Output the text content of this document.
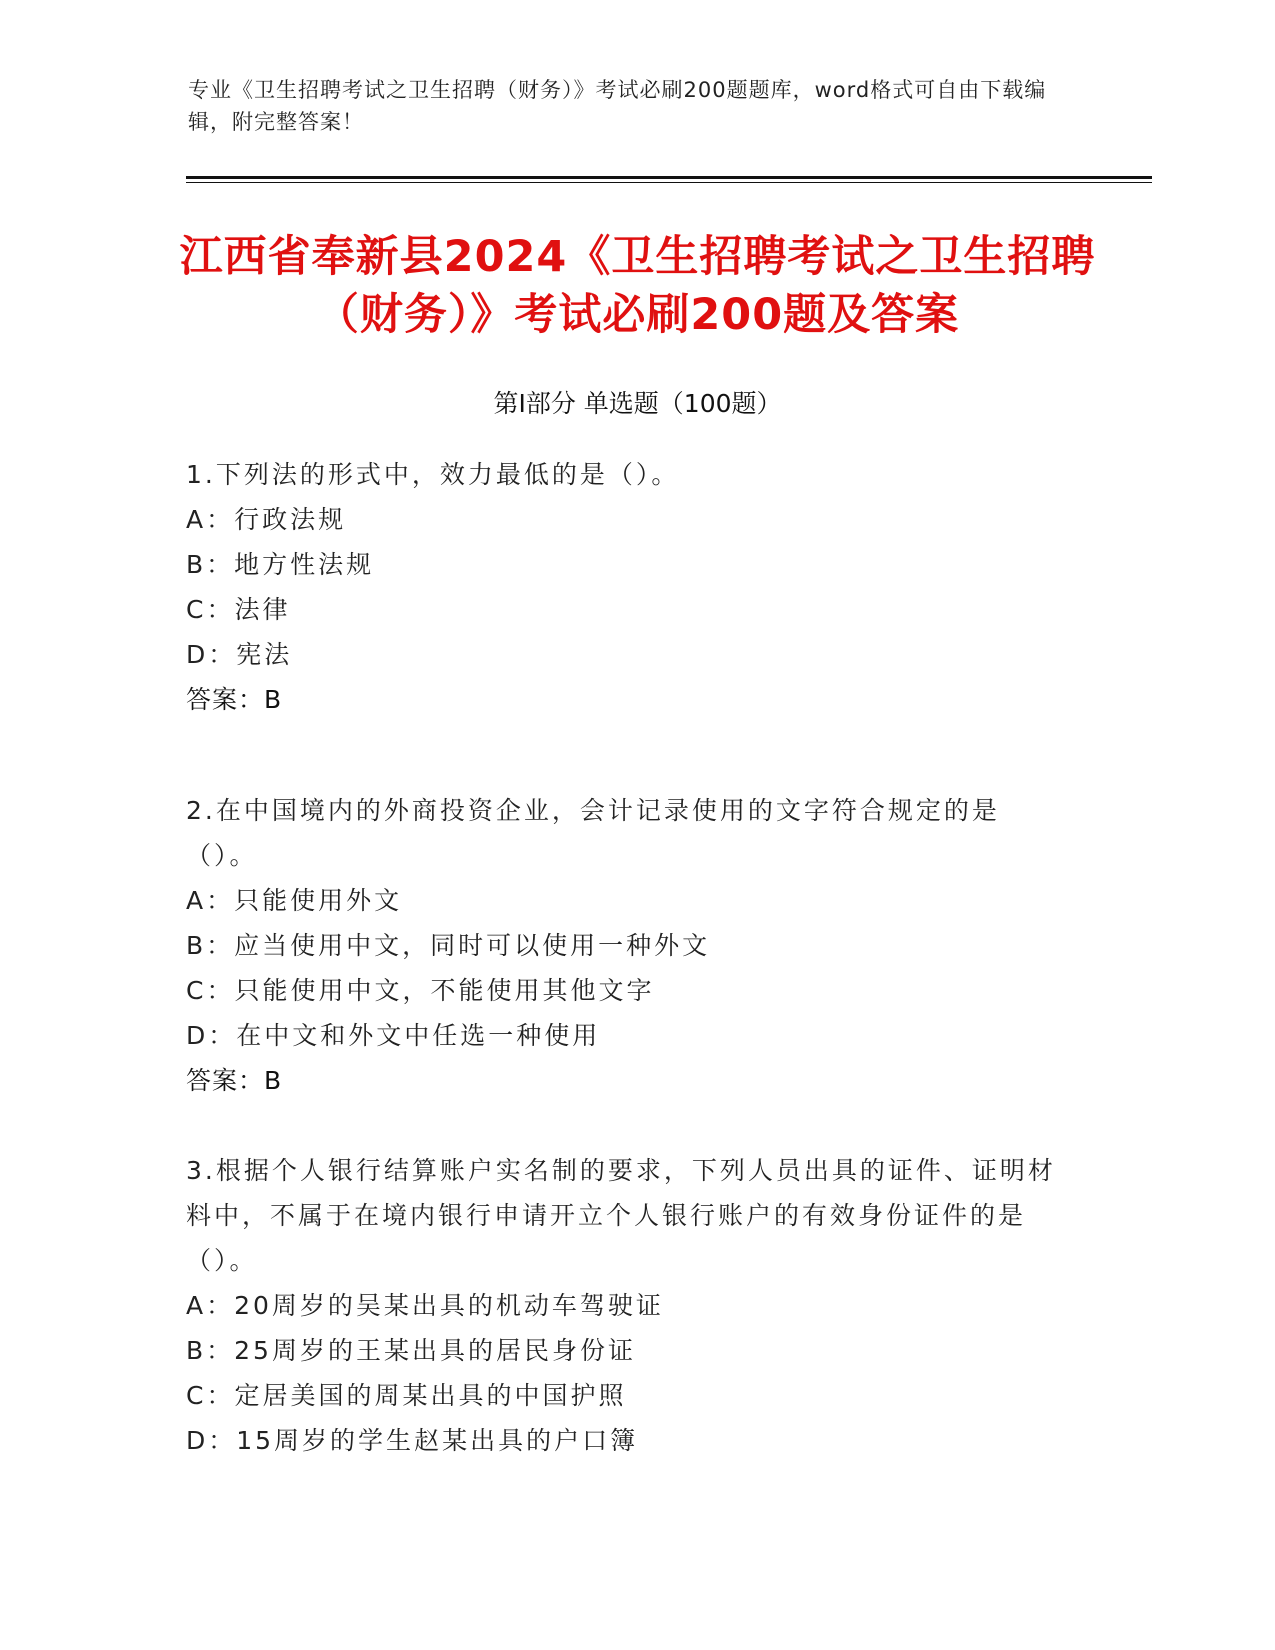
专业《卫生招聘考试之卫生招聘（财务）》考试必刷200题题库，word格式可自由下载编辑，附完整答案！
江西省奉新县2024《卫生招聘考试之卫生招聘（财务）》考试必刷200题及答案
第I部分 单选题（100题）

1.下列法的形式中，效力最低的是（）。

A：行政法规

B：地方性法规

C：法律

D：宪法

答案：B

2.在中国境内的外商投资企业，会计记录使用的文字符合规定的是（）。

A：只能使用外文

B：应当使用中文，同时可以使用一种外文

C：只能使用中文，不能使用其他文字

D：在中文和外文中任选一种使用

答案：B

3.根据个人银行结算账户实名制的要求，下列人员出具的证件、证明材料中，不属于在境内银行申请开立个人银行账户的有效身份证件的是（）。

A：20周岁的吴某出具的机动车驾驶证

B：25周岁的王某出具的居民身份证

C：定居美国的周某出具的中国护照

D：15周岁的学生赵某出具的户口簿
